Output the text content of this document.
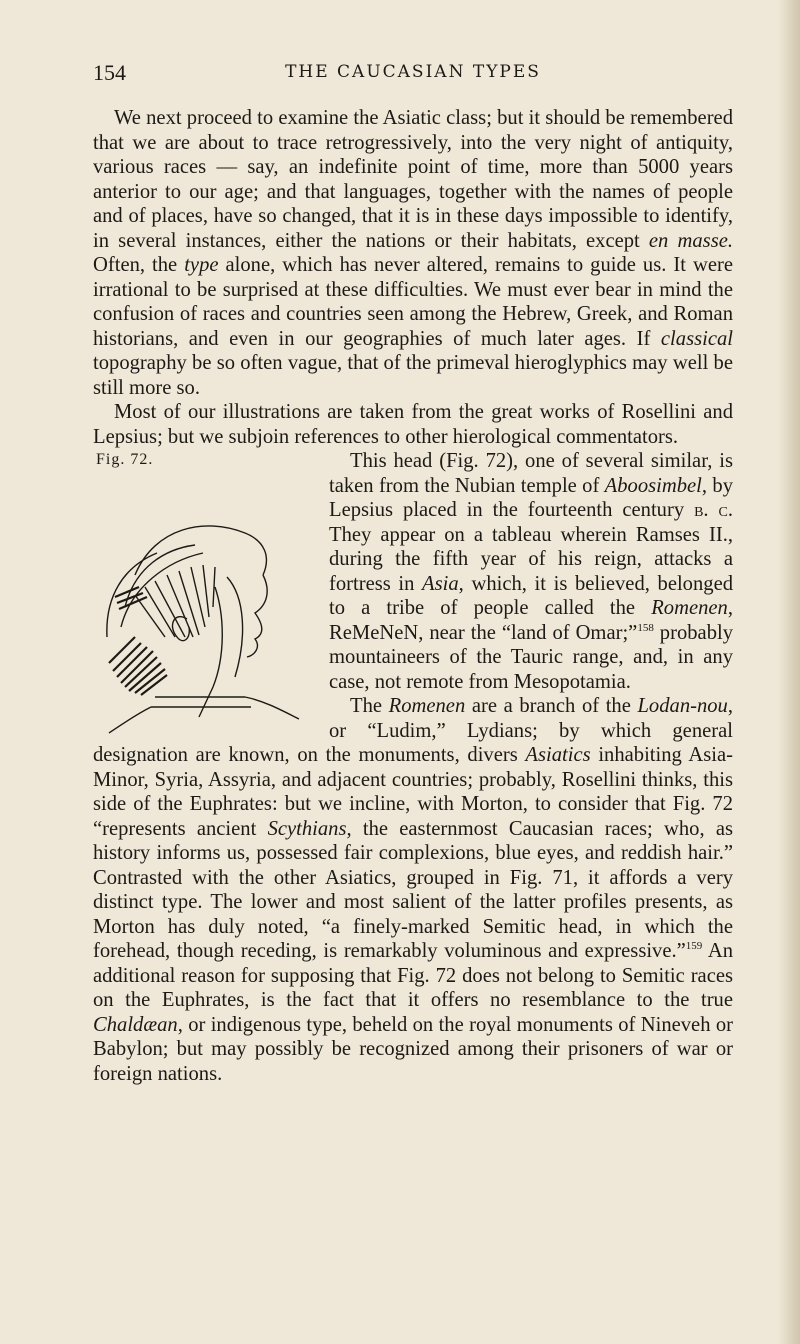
154	THE CAUCASIAN TYPES

We next proceed to examine the Asiatic class; but it should be remembered that we are about to trace retrogressively, into the very night of antiquity, various races — say, an indefinite point of time, more than 5000 years anterior to our age; and that languages, together with the names of people and of places, have so changed, that it is in these days impossible to identify, in several instances, either the nations or their habitats, except en masse. Often, the type alone, which has never altered, remains to guide us. It were irrational to be surprised at these difficulties. We must ever bear in mind the confusion of races and countries seen among the Hebrew, Greek, and Roman historians, and even in our geographies of much later ages. If classical topography be so often vague, that of the primeval hieroglyphics may well be still more so.

Most of our illustrations are taken from the great works of Rosellini and Lepsius; but we subjoin references to other hierological commentators.

Fig. 72.	This head (Fig. 72), one of several similar, is taken from the Nubian temple of Aboosimbel, by Lepsius placed in the fourteenth century b. c. They appear on a tableau wherein Ramses II., during the fifth year of his reign, attacks a fortress in Asia, which, it is believed, belonged to a tribe of people called the Romenen, ReMeNeN, near the “land of Omar;”$^{158}$ probably mountaineers of the Tauric range, and, in any case, not remote from Mesopotamia.

The Romenen are a branch of the Lodan-nou, or “Ludim,” Lydians; by which general designation are known, on the monuments, divers Asiatics inhabiting Asia-Minor, Syria, Assyria, and adjacent countries; probably, Rosellini thinks, this side of the Euphrates: but we incline, with Morton, to consider that Fig. 72 “represents ancient Scythians, the easternmost Caucasian races; who, as history informs us, possessed fair complexions, blue eyes, and reddish hair.” Contrasted with the other Asiatics, grouped in Fig. 71, it affords a very distinct type. The lower and most salient of the latter profiles presents, as Morton has duly noted, “a finely-marked Semitic head, in which the forehead, though receding, is remarkably voluminous and expressive.”$^{159}$ An additional reason for supposing that Fig. 72 does not belong to Semitic races on the Euphrates, is the fact that it offers no resemblance to the true Chaldæan, or indigenous type, beheld on the royal monuments of Nineveh or Babylon; but may possibly be recognized among their prisoners of war or foreign nations.
